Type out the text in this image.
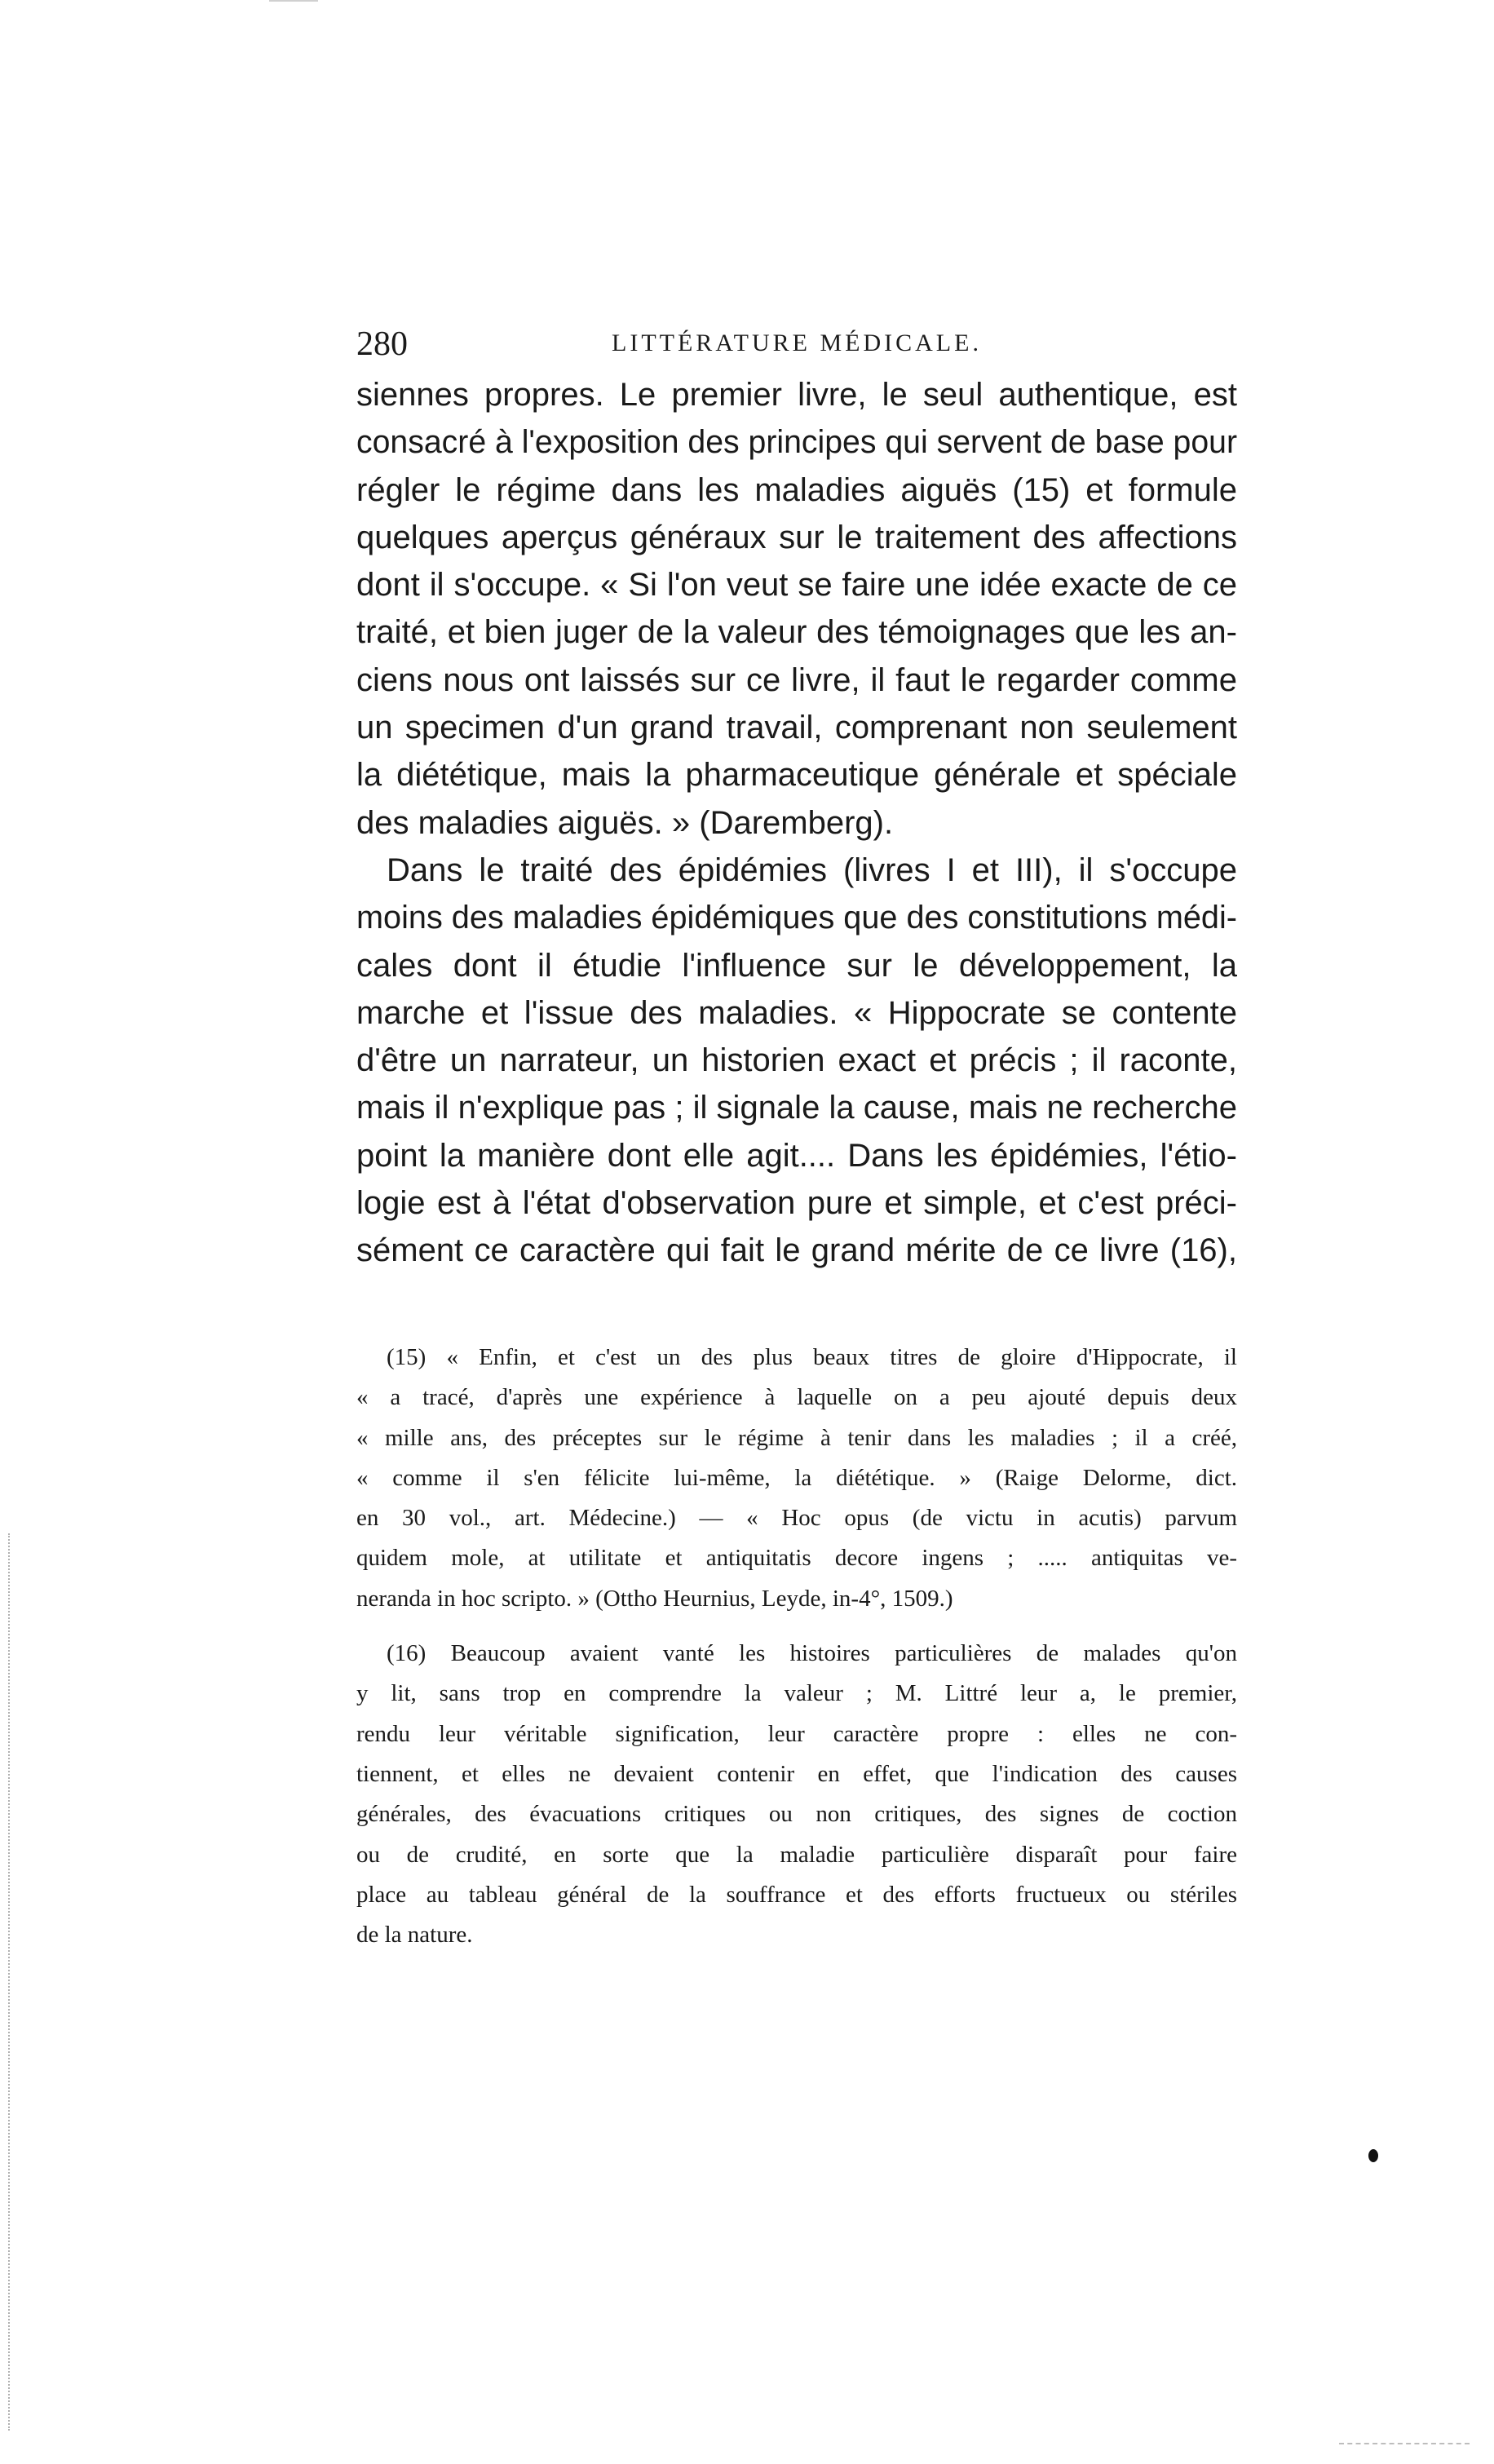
280	LITTÉRATURE MÉDICALE.
siennes propres. Le premier livre, le seul authentique, est
consacré à l'exposition des principes qui servent de base pour
régler le régime dans les maladies aiguës (15) et formule
quelques aperçus généraux sur le traitement des affections
dont il s'occupe. « Si l'on veut se faire une idée exacte de ce
traité, et bien juger de la valeur des témoignages que les an-
ciens nous ont laissés sur ce livre, il faut le regarder comme
un specimen d'un grand travail, comprenant non seulement
la diététique, mais la pharmaceutique générale et spéciale
des maladies aiguës. » (Daremberg).
Dans le traité des épidémies (livres I et III), il s'occupe
moins des maladies épidémiques que des constitutions médi-
cales dont il étudie l'influence sur le développement, la
marche et l'issue des maladies. « Hippocrate se contente
d'être un narrateur, un historien exact et précis ; il raconte,
mais il n'explique pas ; il signale la cause, mais ne recherche
point la manière dont elle agit.... Dans les épidémies, l'étio-
logie est à l'état d'observation pure et simple, et c'est préci-
sément ce caractère qui fait le grand mérite de ce livre (16),
(15) « Enfin, et c'est un des plus beaux titres de gloire d'Hippocrate, il
« a tracé, d'après une expérience à laquelle on a peu ajouté depuis deux
« mille ans, des préceptes sur le régime à tenir dans les maladies ; il a créé,
« comme il s'en félicite lui-même, la diététique. » (Raige Delorme, dict.
en 30 vol., art. Médecine.) — « Hoc opus (de victu in acutis) parvum
quidem mole, at utilitate et antiquitatis decore ingens ; ..... antiquitas ve-
neranda in hoc scripto. » (Ottho Heurnius, Leyde, in-4°, 1509.)
(16) Beaucoup avaient vanté les histoires particulières de malades qu'on
y lit, sans trop en comprendre la valeur ; M. Littré leur a, le premier,
rendu leur véritable signification, leur caractère propre : elles ne con-
tiennent, et elles ne devaient contenir en effet, que l'indication des causes
générales, des évacuations critiques ou non critiques, des signes de coction
ou de crudité, en sorte que la maladie particulière disparaît pour faire
place au tableau général de la souffrance et des efforts fructueux ou stériles
de la nature.
